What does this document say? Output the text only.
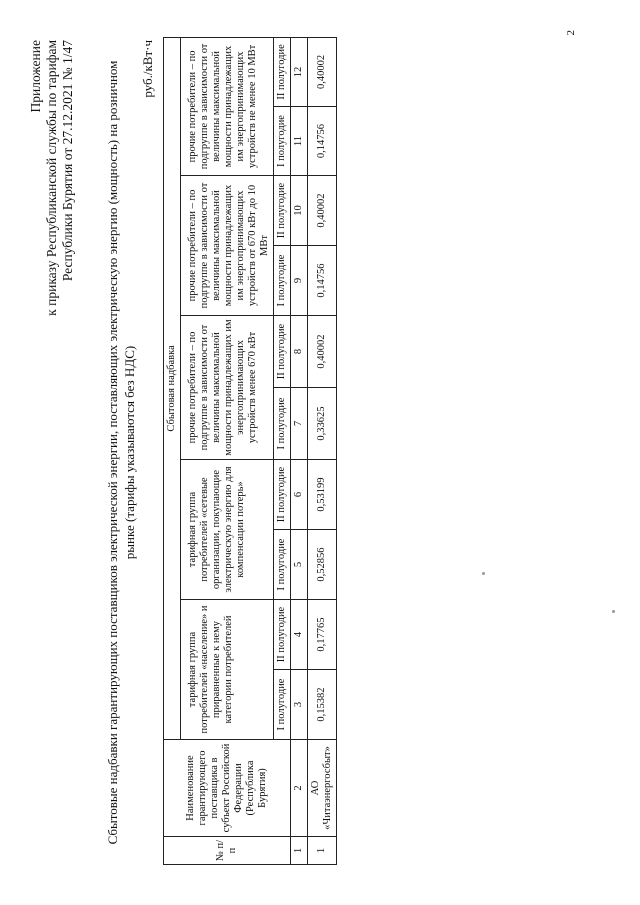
Приложение к приказу Республиканской службы по тарифам Республики Бурятия от 27.12.2021 № 1/47 Сбытовые надбавки гарантирующих поставщиков электрической энергии, поставляющих электрическую энергию (мощность) на розничном рынке (тарифы указываются без НДС)
руб./кВт·ч
№ п/п	Наименование гарантирующего поставщика в субъект Российской Федерации (Республика Бурятия)	Сбытовая надбавка									
		тарифная группа потребителей «население» и приравненные к нему категории потребителей		тарифная группа потребителей «сетевые организации, покупающие электрическую энергию для компенсации потерь»		прочие потребители – по подгруппе в зависимости от величины максимальной мощности принадлежащих им энергопринимающих устройств менее 670 кВт		прочие потребители – по подгруппе в зависимости от величины максимальной мощности принадлежащих им энергопринимающих устройств от 670 кВт до 10 МВт		прочие потребители – по подгруппе в зависимости от величины максимальной мощности принадлежащих им энергопринимающих устройств не менее 10 МВт	
		I полугодие	II полугодие	I полугодие	II полугодие	I полугодие	II полугодие	I полугодие	II полугодие	I полугодие	II полугодие
1	2	3	4	5	6	7	8	9	10	11	12
1	АО «Читаэнергосбыт»	0,15382	0,17765	0,52856	0,53199	0,33625	0,40002	0,14756	0,40002	0,14756	0,40002
2
